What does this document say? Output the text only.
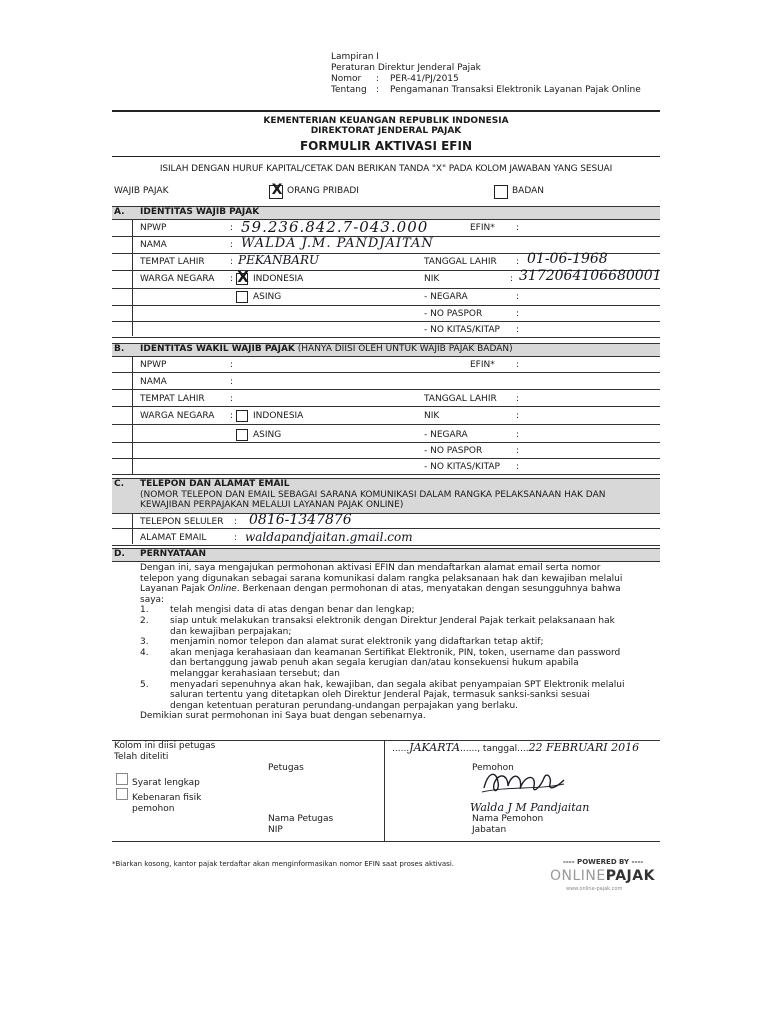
Lampiran I
Peraturan Direktur Jenderal Pajak
Nomor : PER-41/PJ/2015
Tentang : Pengamanan Transaksi Elektronik Layanan Pajak Online
KEMENTERIAN KEUANGAN REPUBLIK INDONESIA
DIREKTORAT JENDERAL PAJAK
FORMULIR AKTIVASI EFIN
ISILAH DENGAN HURUF KAPITAL/CETAK DAN BERIKAN TANDA "X" PADA KOLOM JAWABAN YANG SESUAI
WAJIB PAJAK	X ORANG PRIBADI	BADAN
A. IDENTITAS WAJIB PAJAK
NPWP	: 59.236.842.7-043.000	EFIN* :
NAMA	: WALDA J.M. PANDJAITAN
TEMPAT LAHIR	: PEKANBARU	TANGGAL LAHIR : 01-06-1968
WARGA NEGARA : X INDONESIA	NIK	: 3172064106680001
ASING	- NEGARA	:
- NO PASPOR	:
- NO KITAS/KITAP :
B. IDENTITAS WAKIL WAJIB PAJAK (HANYA DIISI OLEH UNTUK WAJIB PAJAK BADAN)
NPWP	:	EFIN* :
NAMA	:
TEMPAT LAHIR	:	TANGGAL LAHIR :
WARGA NEGARA : INDONESIA	NIK	:
ASING	- NEGARA	:
- NO PASPOR	:
- NO KITAS/KITAP :
C. TELEPON DAN ALAMAT EMAIL
(NOMOR TELEPON DAN EMAIL SEBAGAI SARANA KOMUNIKASI DALAM RANGKA PELAKSANAAN HAK DAN
KEWAJIBAN PERPAJAKAN MELALUI LAYANAN PAJAK ONLINE)
TELEPON SELULER : 0816-1347876
ALAMAT EMAIL	: waldapandjaitan.gmail.com
D. PERNYATAAN
Dengan ini, saya mengajukan permohonan aktivasi EFIN dan mendaftarkan alamat email serta nomor
telepon yang digunakan sebagai sarana komunikasi dalam rangka pelaksanaan hak dan kewajiban melalui
Layanan Pajak Online. Berkenaan dengan permohonan di atas, menyatakan dengan sesungguhnya bahwa
saya:
1. telah mengisi data di atas dengan benar dan lengkap;
2. siap untuk melakukan transaksi elektronik dengan Direktur Jenderal Pajak terkait pelaksanaan hak
dan kewajiban perpajakan;
3. menjamin nomor telepon dan alamat surat elektronik yang didaftarkan tetap aktif;
4. akan menjaga kerahasiaan dan keamanan Sertifikat Elektronik, PIN, token, username dan password
dan bertanggung jawab penuh akan segala kerugian dan/atau konsekuensi hukum apabila
melanggar kerahasiaan tersebut; dan
5. menyadari sepenuhnya akan hak, kewajiban, dan segala akibat penyampaian SPT Elektronik melalui
saluran tertentu yang ditetapkan oleh Direktur Jenderal Pajak, termasuk sanksi-sanksi sesuai
dengan ketentuan peraturan perundang-undangan perpajakan yang berlaku.
Demikian surat permohonan ini Saya buat dengan sebenarnya.
Kolom ini diisi petugas
Telah diteliti
Petugas
Syarat lengkap
Kebenaran fisik
pemohon
Nama Petugas
NIP
......JAKARTA......, tanggal....22 FEBRUARI 2016
Pemohon
Walda J M Pandjaitan
Nama Pemohon
Jabatan
*Biarkan kosong, kantor pajak terdaftar akan menginformasikan nomor EFIN saat proses aktivasi.	---- POWERED BY ----
ONLINEPAJAK
www.online-pajak.com
